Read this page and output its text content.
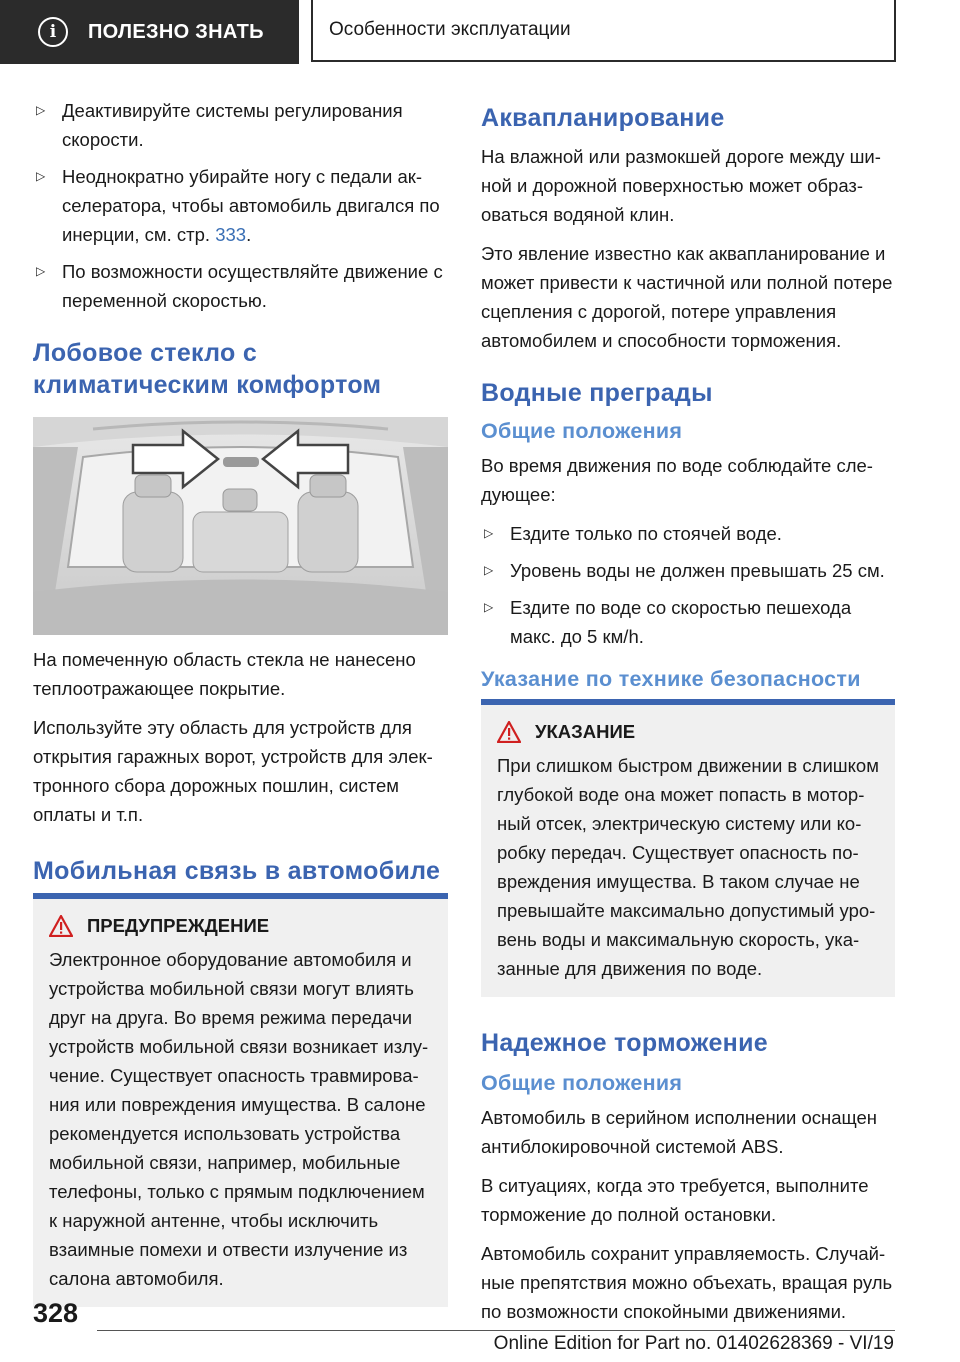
i	ПОЛЕЗНО ЗНАТЬ	Особенности эксплуатации
▷ Деактивируйте системы регулирования скорости.
▷ Неоднократно убирайте ногу с педали акселератора, чтобы автомобиль двигался по инерции, см. стр. 333.
▷ По возможности осуществляйте движение с переменной скоростью.
Лобовое стекло с климатическим комфортом

На помеченную область стекла не нанесено теплоотражающее покрытие.

Используйте эту область для устройств для открытия гаражных ворот, устройств для электронного сбора дорожных пошлин, систем оплаты и т.п.

Мобильная связь в автомобиле
ПРЕДУПРЕЖДЕНИЕ

Электронное оборудование автомобиля и устройства мобильной связи могут влиять друг на друга. Во время режима передачи устройств мобильной связи возникает излучение. Существует опасность травмирования или повреждения имущества. В салоне рекомендуется использовать устройства мобильной связи, например, мобильные телефоны, только с прямым подключением к наружной антенне, чтобы исключить взаимные помехи и отвести излучение из салона автомобиля.

Аквапланирование

На влажной или размокшей дороге между шиной и дорожной поверхностью может образоваться водяной клин.

Это явление известно как аквапланирование и может привести к частичной или полной потере сцепления с дорогой, потере управления автомобилем и способности торможения.

Водные преграды
Общие положения

Во время движения по воде соблюдайте следующее:

▷ Ездите только по стоячей воде.
▷ Уровень воды не должен превышать 25 см.
▷ Ездите по воде со скоростью пешехода макс. до 5 км/h.
Указание по технике безопасности
УКАЗАНИЕ

При слишком быстром движении в слишком глубокой воде она может попасть в моторный отсек, электрическую систему или коробку передач. Существует опасность повреждения имущества. В таком случае не превышайте максимально допустимый уровень воды и максимальную скорость, указанные для движения по воде.

Надежное торможение
Общие положения

Автомобиль в серийном исполнении оснащен антиблокировочной системой ABS.

В ситуациях, когда это требуется, выполните торможение до полной остановки.

Автомобиль сохранит управляемость. Случайные препятствия можно объехать, вращая руль по возможности спокойными движениями.

328
Online Edition for Part no. 01402628369 - VI/19
